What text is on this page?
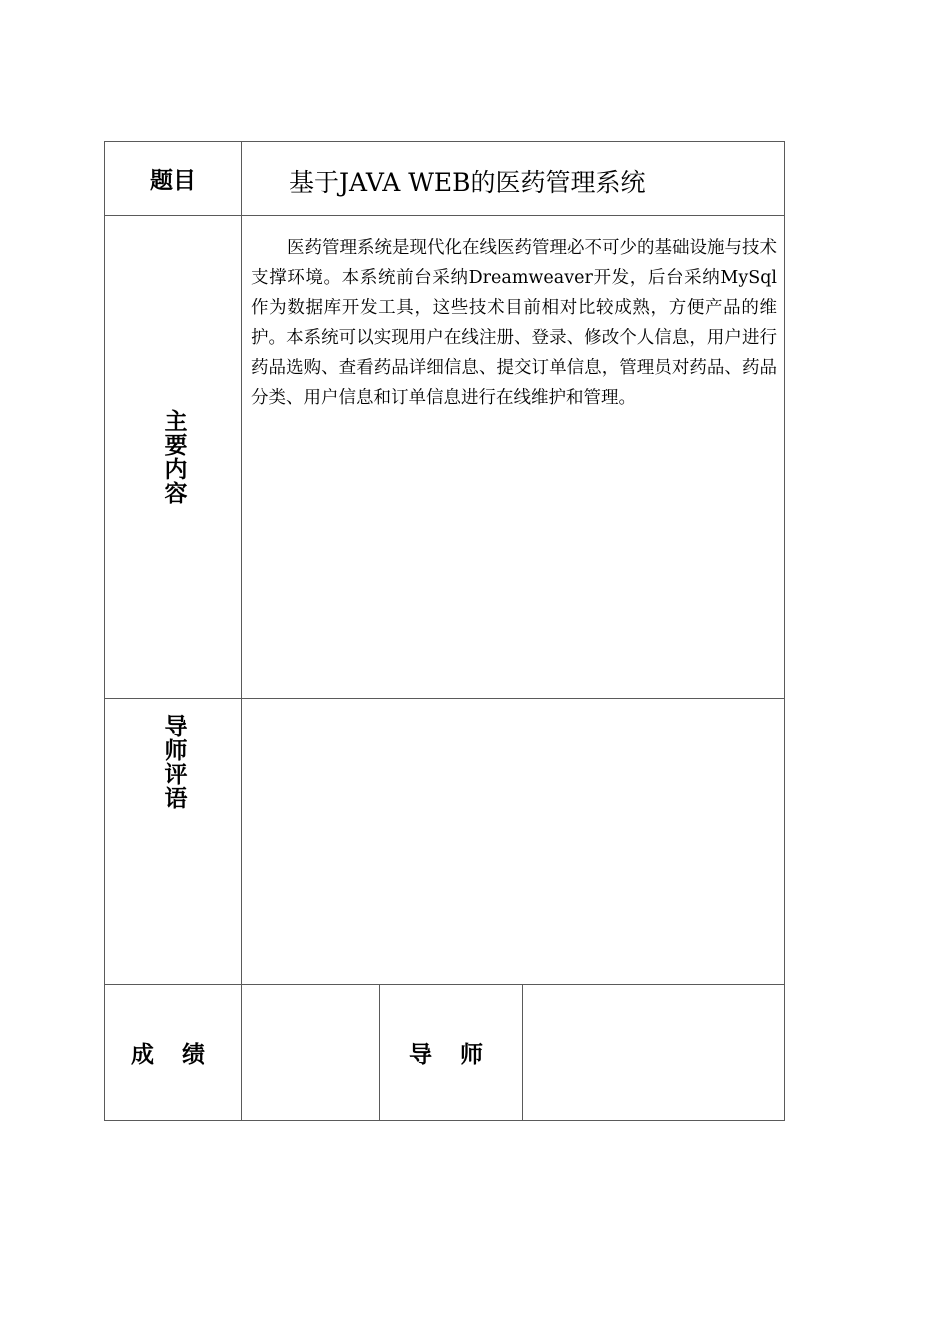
题目	基于JAVA WEB的医药管理系统
主要内容
医药管理系统是现代化在线医药管理必不可少的基础设施与技术支撑环境。本系统前台采纳Dreamweaver开发，后台采纳MySql作为数据库开发工具，这些技术目前相对比较成熟，方便产品的维护。本系统可以实现用户在线注册、登录、修改个人信息，用户进行药品选购、查看药品详细信息、提交订单信息，管理员对药品、药品分类、用户信息和订单信息进行在线维护和管理。
导师评语
成 绩	导 师
